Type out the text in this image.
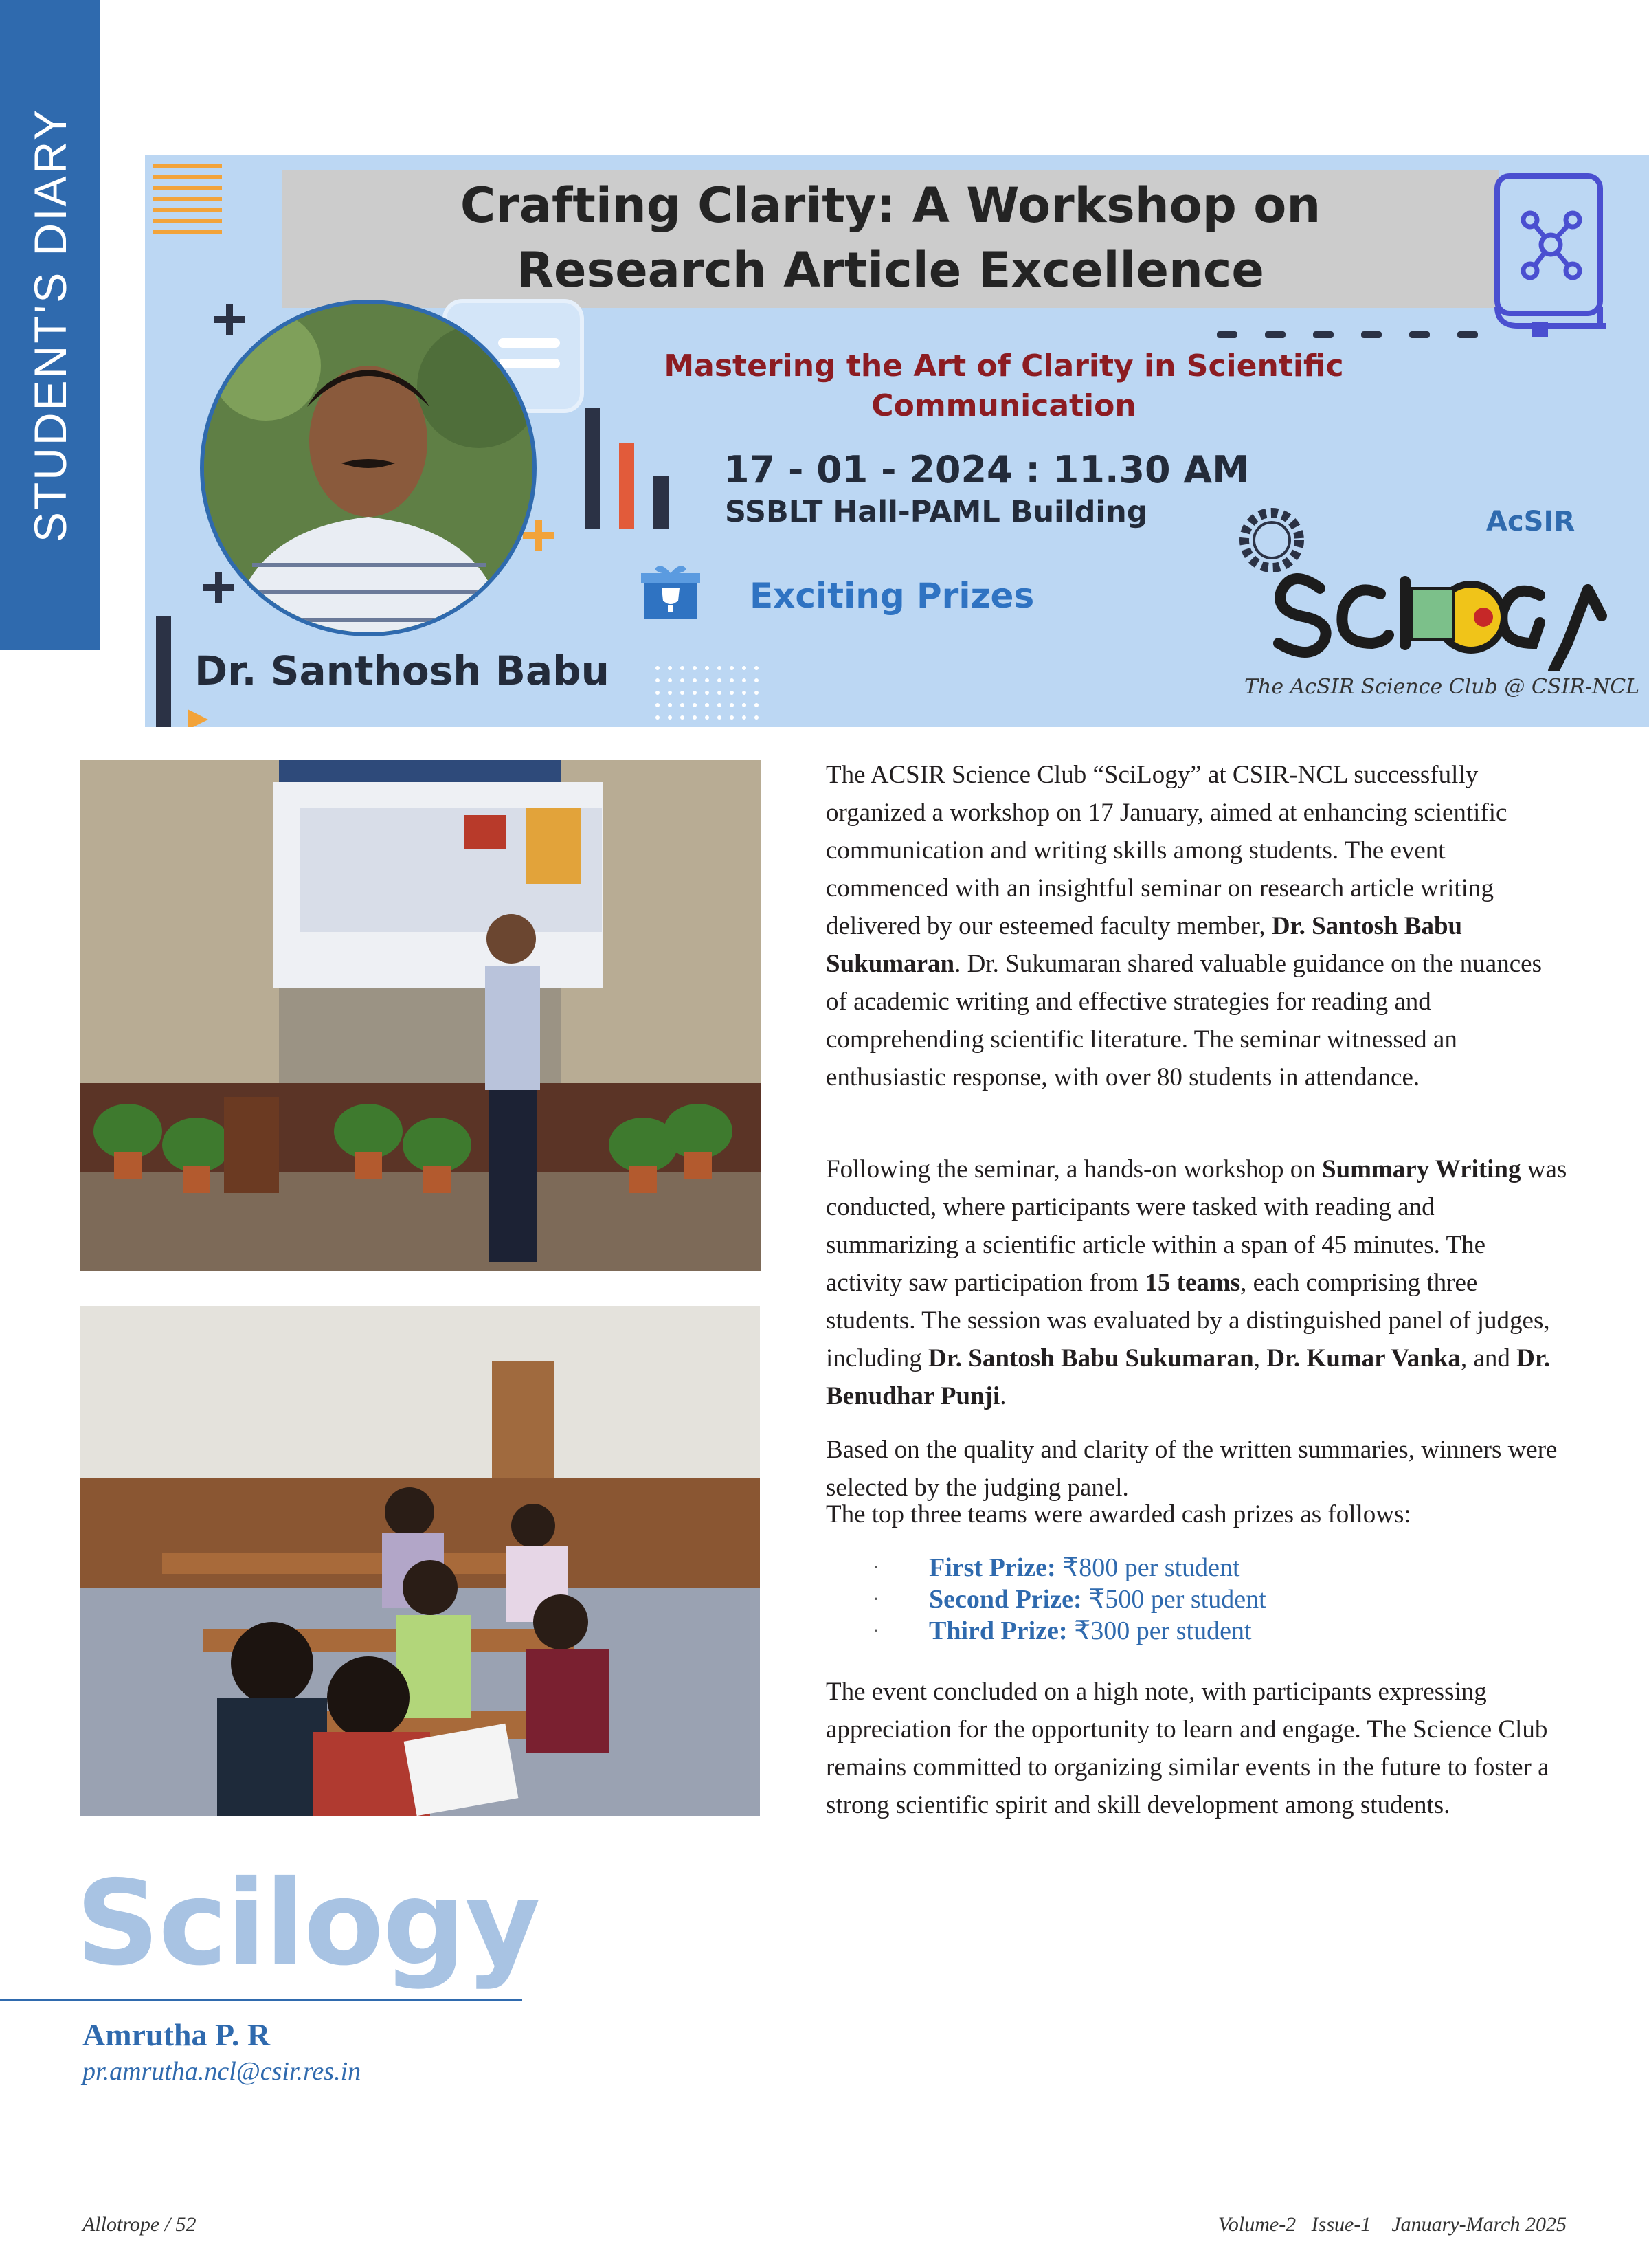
STUDENT'S DIARY	Crafting Clarity: A Workshop on
Research Article Excellence
Mastering the Art of Clarity in Scientific
Communication
17 - 01 - 2024 : 11.30 AM
SSBLT Hall-PAML Building
Exciting Prizes
Dr. Santhosh Babu
AcSIR
The AcSIR Science Club @ CSIR-NCL
The ACSIR Science Club “SciLogy” at CSIR-NCL successfully organized a workshop on 17 January, aimed at enhancing scientific communication and writing skills among students. The event commenced with an insightful seminar on research article writing delivered by our esteemed faculty member, Dr. Santosh Babu Sukumaran. Dr. Sukumaran shared valuable guidance on the nuances of academic writing and effective strategies for reading and comprehending scientific literature. The seminar witnessed an enthusiastic response, with over 80 students in attendance.
Following the seminar, a hands-on workshop on Summary Writing was conducted, where participants were tasked with reading and summarizing a scientific article within a span of 45 minutes. The activity saw participation from 15 teams, each comprising three students. The session was evaluated by a distinguished panel of judges, including Dr. Santosh Babu Sukumaran, Dr. Kumar Vanka, and Dr. Benudhar Punji.
Based on the quality and clarity of the written summaries, winners were selected by the judging panel.
The top three teams were awarded cash prizes as follows:
· First Prize: ₹800 per student
· Second Prize: ₹500 per student
· Third Prize: ₹300 per student
The event concluded on a high note, with participants expressing appreciation for the opportunity to learn and engage. The Science Club remains committed to organizing similar events in the future to foster a strong scientific spirit and skill development among students.
Scilogy
Amrutha P. R
pr.amrutha.ncl@csir.res.in
Allotrope / 52	Volume-2   Issue-1    January-March 2025
